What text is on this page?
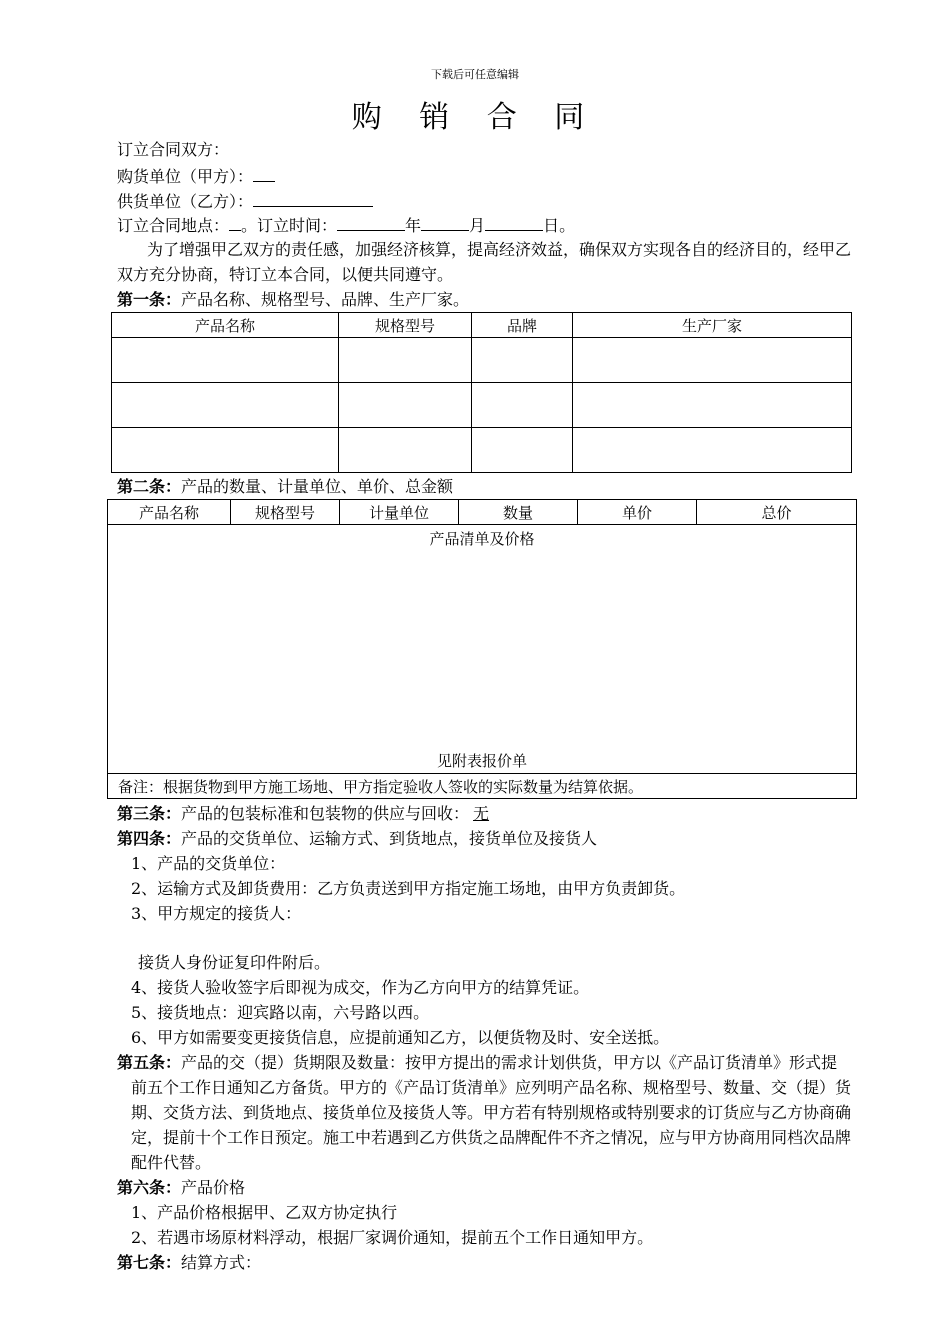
下载后可任意编辑
购 销 合 同
订立合同双方：
购货单位（甲方）：
供货单位（乙方）：
订立合同地点： 。订立时间：	年	月	日。
为了增强甲乙双方的责任感，加强经济核算，提高经济效益，确保双方实现各自的经济目的，经甲乙双方充分协商，特订立本合同，以便共同遵守。
第一条：产品名称、规格型号、品牌、生产厂家。
产品名称	规格型号	品牌	生产厂家

第二条：产品的数量、计量单位、单价、总金额
产品名称	规格型号	计量单位	数量	单价	总价

产品清单及价格
见附表报价单

备注：根据货物到甲方施工场地、甲方指定验收人签收的实际数量为结算依据。
第三条：产品的包装标准和包装物的供应与回收： 无
第四条：产品的交货单位、运输方式、到货地点，接货单位及接货人
1、产品的交货单位：
2、运输方式及卸货费用：乙方负责送到甲方指定施工场地，由甲方负责卸货。
3、甲方规定的接货人：
接货人身份证复印件附后。
4、接货人验收签字后即视为成交，作为乙方向甲方的结算凭证。
5、接货地点：迎宾路以南，六号路以西。
6、甲方如需要变更接货信息，应提前通知乙方，以便货物及时、安全送抵。
第五条：产品的交（提）货期限及数量：按甲方提出的需求计划供货，甲方以《产品订货清单》形式提前五个工作日通知乙方备货。甲方的《产品订货清单》应列明产品名称、规格型号、数量、交（提）货期、交货方法、到货地点、接货单位及接货人等。甲方若有特别规格或特别要求的订货应与乙方协商确定，提前十个工作日预定。施工中若遇到乙方供货之品牌配件不齐之情况，应与甲方协商用同档次品牌配件代替。
第六条：产品价格
1、产品价格根据甲、乙双方协定执行
2、若遇市场原材料浮动，根据厂家调价通知，提前五个工作日通知甲方。
第七条：结算方式：
